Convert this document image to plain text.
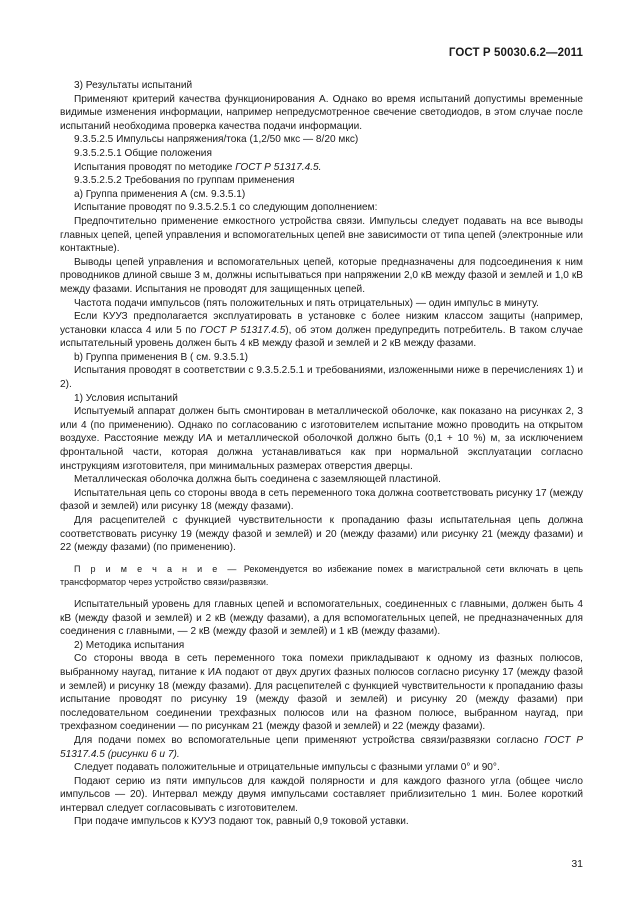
ГОСТ Р 50030.6.2—2011

3) Результаты испытаний

Применяют критерий качества функционирования А. Однако во время испытаний допустимы временные видимые изменения информации, например непредусмотренное свечение светодиодов, в этом случае после испытаний необходима проверка качества подачи информации.

9.3.5.2.5 Импульсы напряжения/тока (1,2/50 мкс — 8/20 мкс)

9.3.5.2.5.1 Общие положения

Испытания проводят по методике ГОСТ Р 51317.4.5.

9.3.5.2.5.2 Требования по группам применения

а) Группа применения А (см. 9.3.5.1)

Испытание проводят по 9.3.5.2.5.1 со следующим дополнением:

Предпочтительно применение емкостного устройства связи. Импульсы следует подавать на все выводы главных цепей, цепей управления и вспомогательных цепей вне зависимости от типа цепей (электронные или контактные).

Выводы цепей управления и вспомогательных цепей, которые предназначены для подсоединения к ним проводников длиной свыше 3 м, должны испытываться при напряжении 2,0 кВ между фазой и землей и 1,0 кВ между фазами. Испытания не проводят для защищенных цепей.

Частота подачи импульсов (пять положительных и пять отрицательных) — один импульс в минуту.

Если КУУЗ предполагается эксплуатировать в установке с более низким классом защиты (например, установки класса 4 или 5 по ГОСТ Р 51317.4.5), об этом должен предупредить потребитель. В таком случае испытательный уровень должен быть 4 кВ между фазой и землей и 2 кВ между фазами.

b) Группа применения В ( см. 9.3.5.1)

Испытания проводят в соответствии с 9.3.5.2.5.1 и требованиями, изложенными ниже в перечислениях 1) и 2).

1) Условия испытаний

Испытуемый аппарат должен быть смонтирован в металлической оболочке, как показано на рисунках 2, 3 или 4 (по применению). Однако по согласованию с изготовителем испытание можно проводить на открытом воздухе. Расстояние между ИА и металлической оболочкой должно быть (0,1 + 10 %) м, за исключением фронтальной части, которая должна устанавливаться как при нормальной эксплуатации согласно инструкциям изготовителя, при минимальных размерах отверстия дверцы.

Металлическая оболочка должна быть соединена с заземляющей пластиной.

Испытательная цепь со стороны ввода в сеть переменного тока должна соответствовать рисунку 17 (между фазой и землей) или рисунку 18 (между фазами).

Для расцепителей с функцией чувствительности к пропаданию фазы испытательная цепь должна соответствовать рисунку 19 (между фазой и землей) и 20 (между фазами) или рисунку 21 (между фазами) и 22 (между фазами) (по применению).

П р и м е ч а н и е — Рекомендуется во избежание помех в магистральной сети включать в цепь трансформатор через устройство связи/развязки.

Испытательный уровень для главных цепей и вспомогательных, соединенных с главными, должен быть 4 кВ (между фазой и землей) и 2 кВ (между фазами), а для вспомогательных цепей, не предназначенных для соединения с главными, — 2 кВ (между фазой и землей) и 1 кВ (между фазами).

2) Методика испытания

Со стороны ввода в сеть переменного тока помехи прикладывают к одному из фазных полюсов, выбранному наугад, питание к ИА подают от двух других фазных полюсов согласно рисунку 17 (между фазой и землей) и рисунку 18 (между фазами). Для расцепителей с функцией чувствительности к пропаданию фазы испытание проводят по рисунку 19 (между фазой и землей) и рисунку 20 (между фазами) при последовательном соединении трехфазных полюсов или на фазном полюсе, выбранном наугад, при трехфазном соединении — по рисункам 21 (между фазой и землей) и 22 (между фазами).

Для подачи помех во вспомогательные цепи применяют устройства связи/развязки согласно ГОСТ Р 51317.4.5 (рисунки 6 и 7).

Следует подавать положительные и отрицательные импульсы с фазными углами 0° и 90°.

Подают серию из пяти импульсов для каждой полярности и для каждого фазного угла (общее число импульсов — 20). Интервал между двумя импульсами составляет приблизительно 1 мин. Более короткий интервал следует согласовывать с изготовителем.

При подаче импульсов к КУУЗ подают ток, равный 0,9 токовой уставки.

31
